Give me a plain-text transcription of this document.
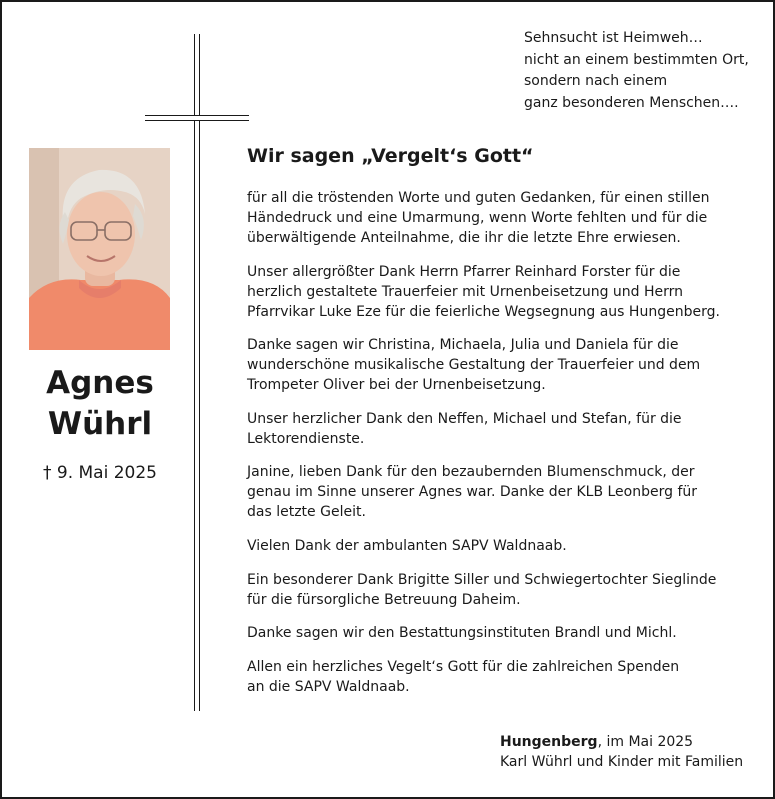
Sehnsucht ist Heimweh…
nicht an einem bestimmten Ort,
sondern nach einem
ganz besonderen Menschen….
Agnes
Wührl
† 9. Mai 2025
Wir sagen „Vergelt‘s Gott“
für all die tröstenden Worte und guten Gedanken, für einen stillen
Händedruck und eine Umarmung, wenn Worte fehlten und für die
überwältigende Anteilnahme, die ihr die letzte Ehre erwiesen.
Unser allergrößter Dank Herrn Pfarrer Reinhard Forster für die
herzlich gestaltete Trauerfeier mit Urnenbeisetzung und Herrn
Pfarrvikar Luke Eze für die feierliche Wegsegnung aus Hungenberg.
Danke sagen wir Christina, Michaela, Julia und Daniela für die
wunderschöne musikalische Gestaltung der Trauerfeier und dem
Trompeter Oliver bei der Urnenbeisetzung.
Unser herzlicher Dank den Neffen, Michael und Stefan, für die
Lektorendienste.
Janine, lieben Dank für den bezaubernden Blumenschmuck, der
genau im Sinne unserer Agnes war. Danke der KLB Leonberg für
das letzte Geleit.
Vielen Dank der ambulanten SAPV Waldnaab.
Ein besonderer Dank Brigitte Siller und Schwiegertochter Sieglinde
für die fürsorgliche Betreuung Daheim.
Danke sagen wir den Bestattungsinstituten Brandl und Michl.
Allen ein herzliches Vegelt‘s Gott für die zahlreichen Spenden
an die SAPV Waldnaab.
Hungenberg, im Mai 2025
Karl Wührl und Kinder mit Familien
